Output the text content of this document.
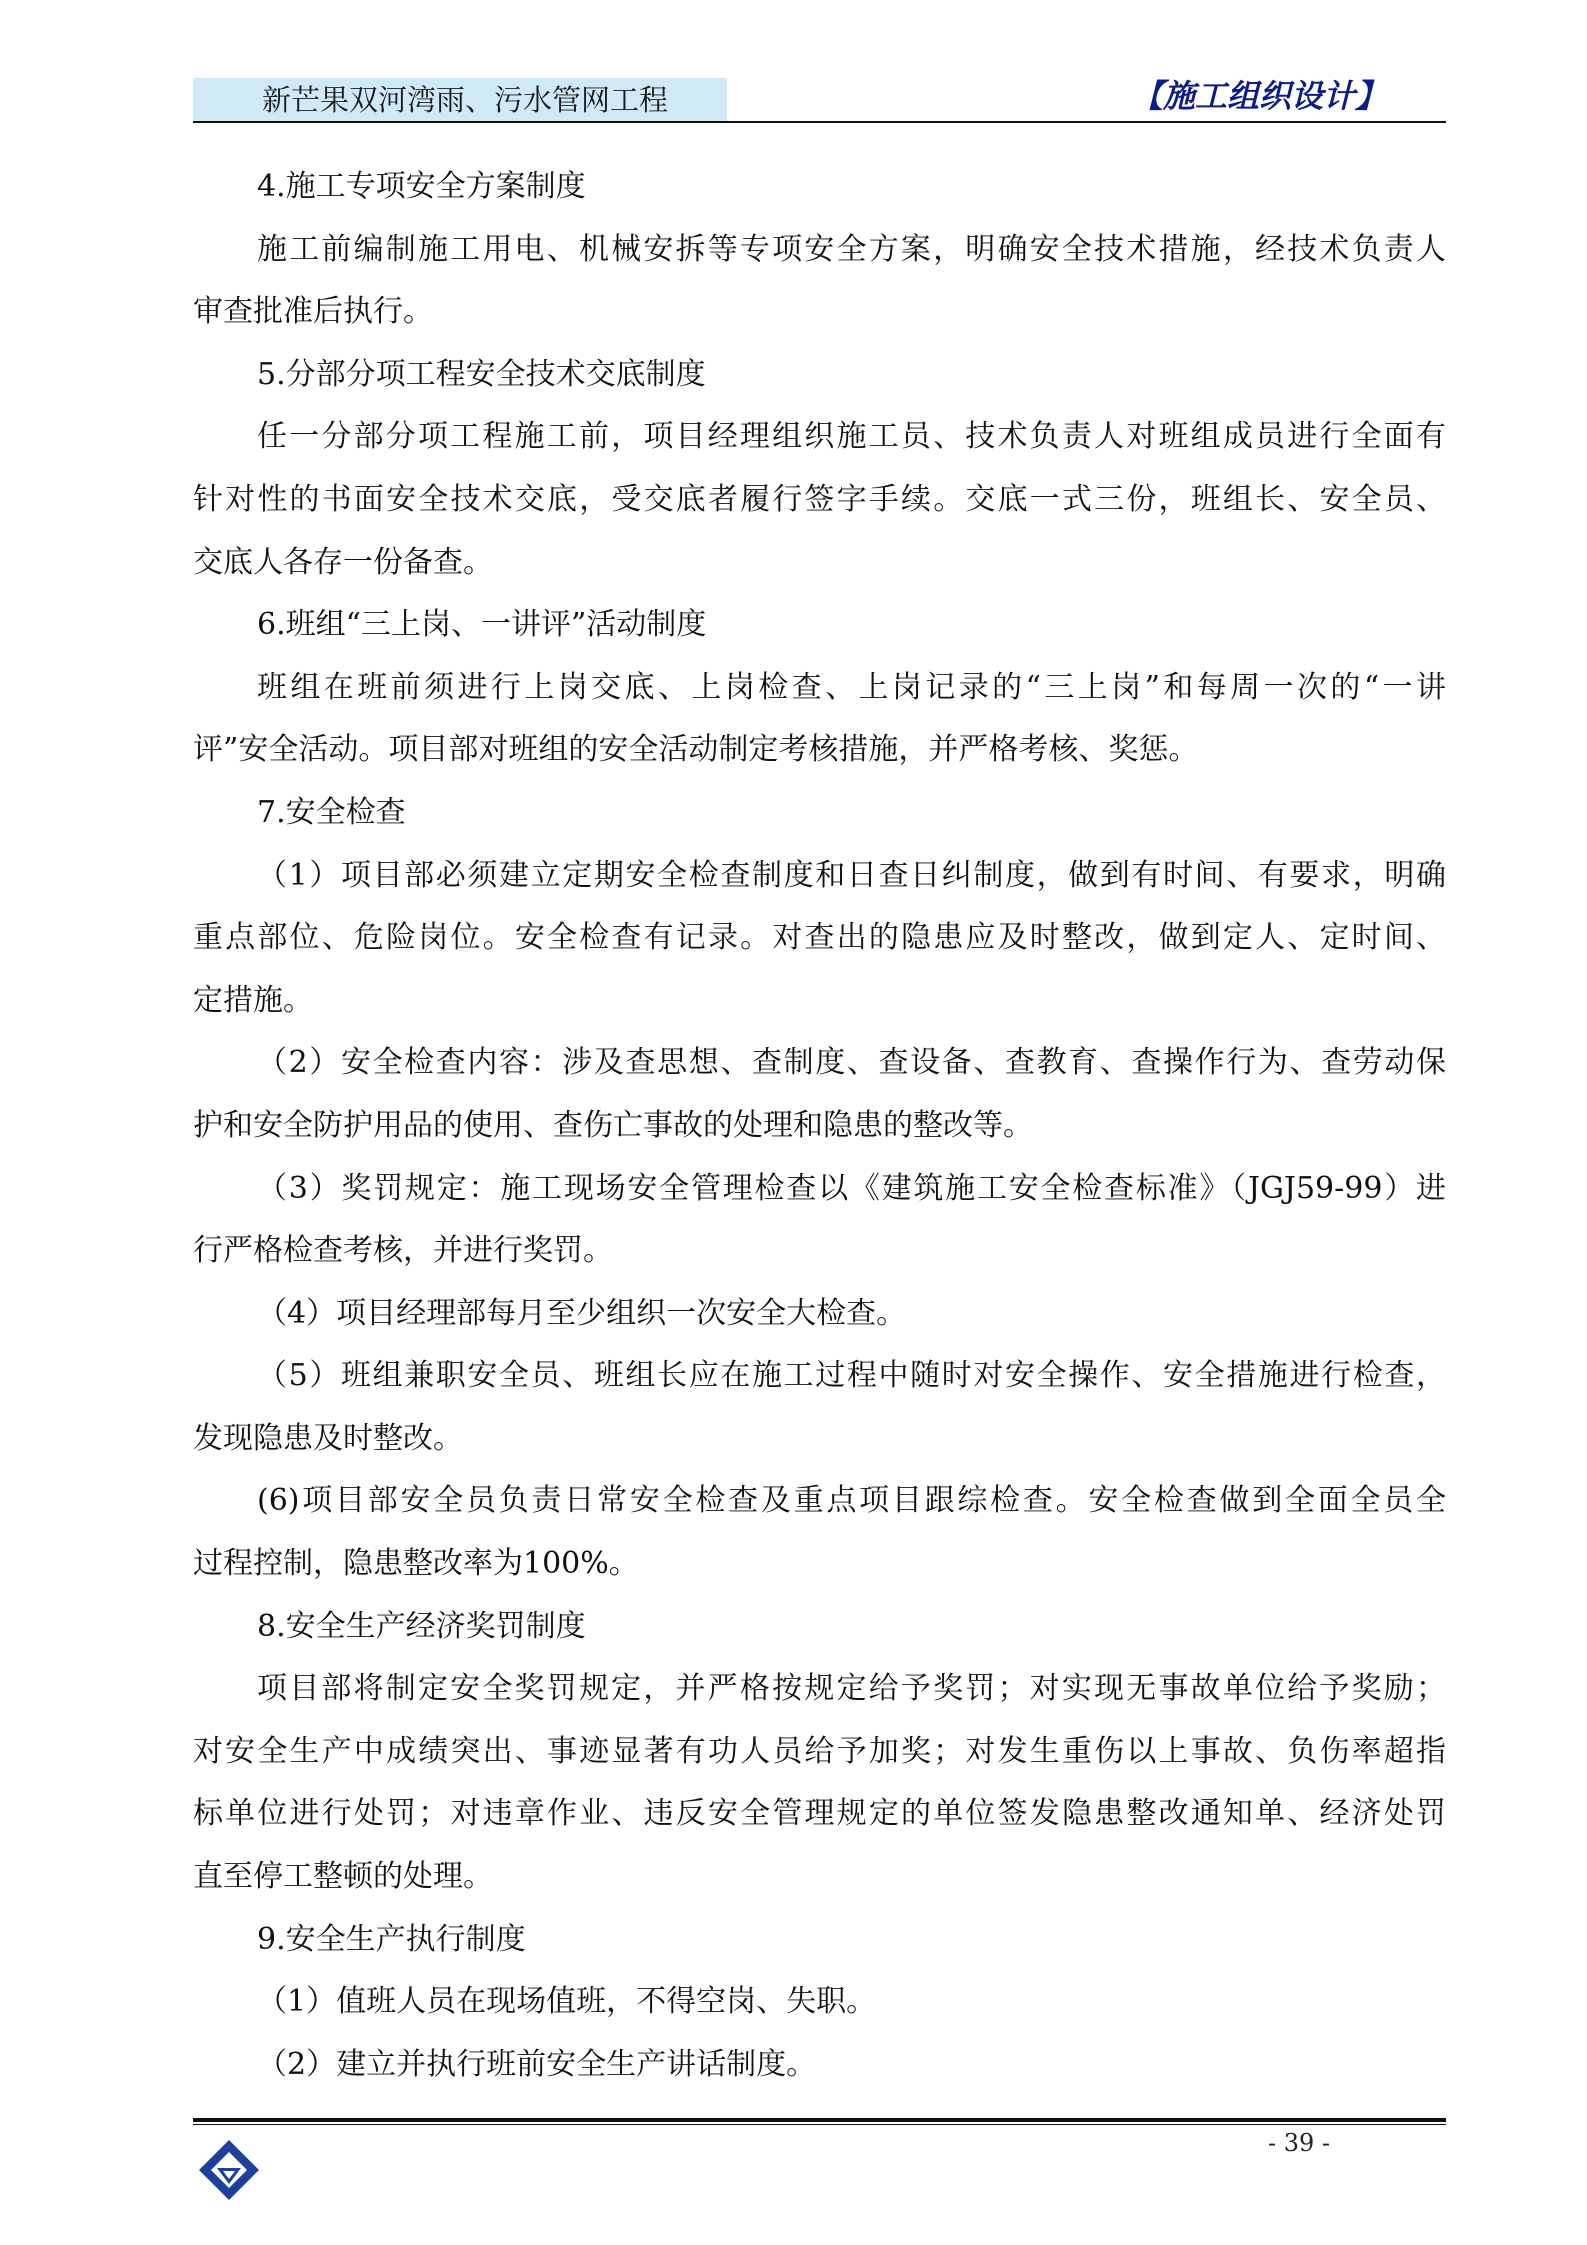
新芒果双河湾雨、污水管网工程	【施工组织设计】
4.施工专项安全方案制度
施工前编制施工用电、机械安拆等专项安全方案，明确安全技术措施，经技术负责人
审查批准后执行。
5.分部分项工程安全技术交底制度
任一分部分项工程施工前，项目经理组织施工员、技术负责人对班组成员进行全面有
针对性的书面安全技术交底，受交底者履行签字手续。交底一式三份，班组长、安全员、
交底人各存一份备查。
6.班组“三上岗、一讲评”活动制度
班组在班前须进行上岗交底、上岗检查、上岗记录的“三上岗”和每周一次的“一讲
评”安全活动。项目部对班组的安全活动制定考核措施，并严格考核、奖惩。
7.安全检查
（1）项目部必须建立定期安全检查制度和日查日纠制度，做到有时间、有要求，明确
重点部位、危险岗位。安全检查有记录。对查出的隐患应及时整改，做到定人、定时间、
定措施。
（2）安全检查内容：涉及查思想、查制度、查设备、查教育、查操作行为、查劳动保
护和安全防护用品的使用、查伤亡事故的处理和隐患的整改等。
（3）奖罚规定：施工现场安全管理检查以《建筑施工安全检查标准》（JGJ59-99）进
行严格检查考核，并进行奖罚。
（4）项目经理部每月至少组织一次安全大检查。
（5）班组兼职安全员、班组长应在施工过程中随时对安全操作、安全措施进行检查，
发现隐患及时整改。
(6)项目部安全员负责日常安全检查及重点项目跟综检查。安全检查做到全面全员全
过程控制，隐患整改率为100%。
8.安全生产经济奖罚制度
项目部将制定安全奖罚规定，并严格按规定给予奖罚；对实现无事故单位给予奖励；
对安全生产中成绩突出、事迹显著有功人员给予加奖；对发生重伤以上事故、负伤率超指
标单位进行处罚；对违章作业、违反安全管理规定的单位签发隐患整改通知单、经济处罚
直至停工整顿的处理。
9.安全生产执行制度
（1）值班人员在现场值班，不得空岗、失职。
（2）建立并执行班前安全生产讲话制度。
- 39 -
